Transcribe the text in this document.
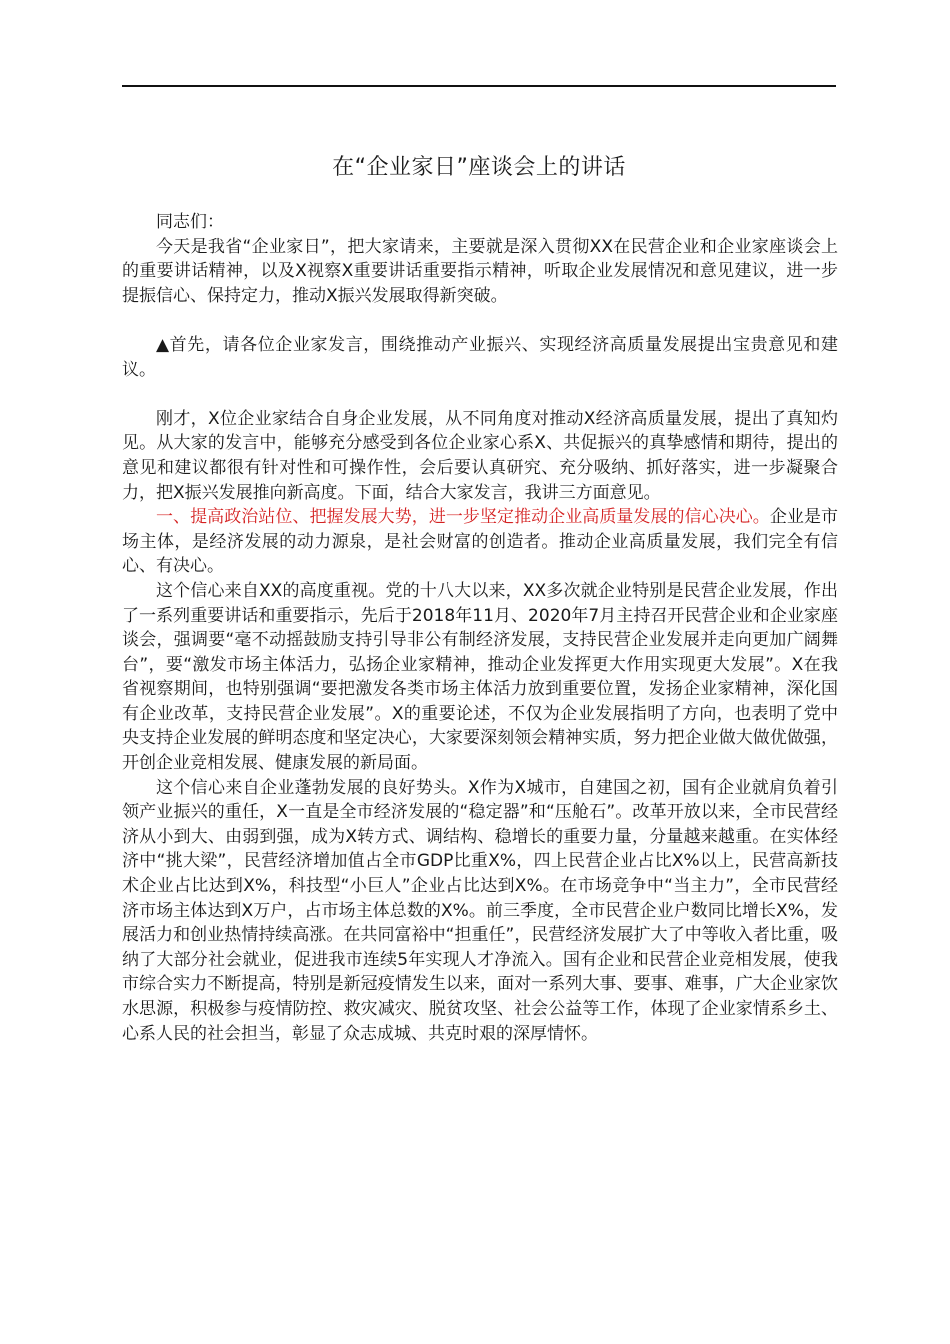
在“企业家日”座谈会上的讲话

同志们：

今天是我省“企业家日”，把大家请来，主要就是深入贯彻XX在民营企业和企业家座谈会上的重要讲话精神，以及X视察X重要讲话重要指示精神，听取企业发展情况和意见建议，进一步提振信心、保持定力，推动X振兴发展取得新突破。

▲首先，请各位企业家发言，围绕推动产业振兴、实现经济高质量发展提出宝贵意见和建议。

刚才，X位企业家结合自身企业发展，从不同角度对推动X经济高质量发展，提出了真知灼见。从大家的发言中，能够充分感受到各位企业家心系X、共促振兴的真挚感情和期待，提出的意见和建议都很有针对性和可操作性，会后要认真研究、充分吸纳、抓好落实，进一步凝聚合力，把X振兴发展推向新高度。下面，结合大家发言，我讲三方面意见。

一、提高政治站位、把握发展大势，进一步坚定推动企业高质量发展的信心决心。企业是市场主体，是经济发展的动力源泉，是社会财富的创造者。推动企业高质量发展，我们完全有信心、有决心。

这个信心来自XX的高度重视。党的十八大以来，XX多次就企业特别是民营企业发展，作出了一系列重要讲话和重要指示，先后于2018年11月、2020年7月主持召开民营企业和企业家座谈会，强调要“毫不动摇鼓励支持引导非公有制经济发展，支持民营企业发展并走向更加广阔舞台”，要“激发市场主体活力，弘扬企业家精神，推动企业发挥更大作用实现更大发展”。X在我省视察期间，也特别强调“要把激发各类市场主体活力放到重要位置，发扬企业家精神，深化国有企业改革，支持民营企业发展”。X的重要论述，不仅为企业发展指明了方向，也表明了党中央支持企业发展的鲜明态度和坚定决心，大家要深刻领会精神实质，努力把企业做大做优做强，开创企业竞相发展、健康发展的新局面。

这个信心来自企业蓬勃发展的良好势头。X作为X城市，自建国之初，国有企业就肩负着引领产业振兴的重任，X一直是全市经济发展的“稳定器”和“压舱石”。改革开放以来，全市民营经济从小到大、由弱到强，成为X转方式、调结构、稳增长的重要力量，分量越来越重。在实体经济中“挑大梁”，民营经济增加值占全市GDP比重X%，四上民营企业占比X%以上，民营高新技术企业占比达到X%，科技型“小巨人”企业占比达到X%。在市场竞争中“当主力”，全市民营经济市场主体达到X万户，占市场主体总数的X%。前三季度，全市民营企业户数同比增长X%，发展活力和创业热情持续高涨。在共同富裕中“担重任”，民营经济发展扩大了中等收入者比重，吸纳了大部分社会就业，促进我市连续5年实现人才净流入。国有企业和民营企业竞相发展，使我市综合实力不断提高，特别是新冠疫情发生以来，面对一系列大事、要事、难事，广大企业家饮水思源，积极参与疫情防控、救灾减灾、脱贫攻坚、社会公益等工作，体现了企业家情系乡土、心系人民的社会担当，彰显了众志成城、共克时艰的深厚情怀。
